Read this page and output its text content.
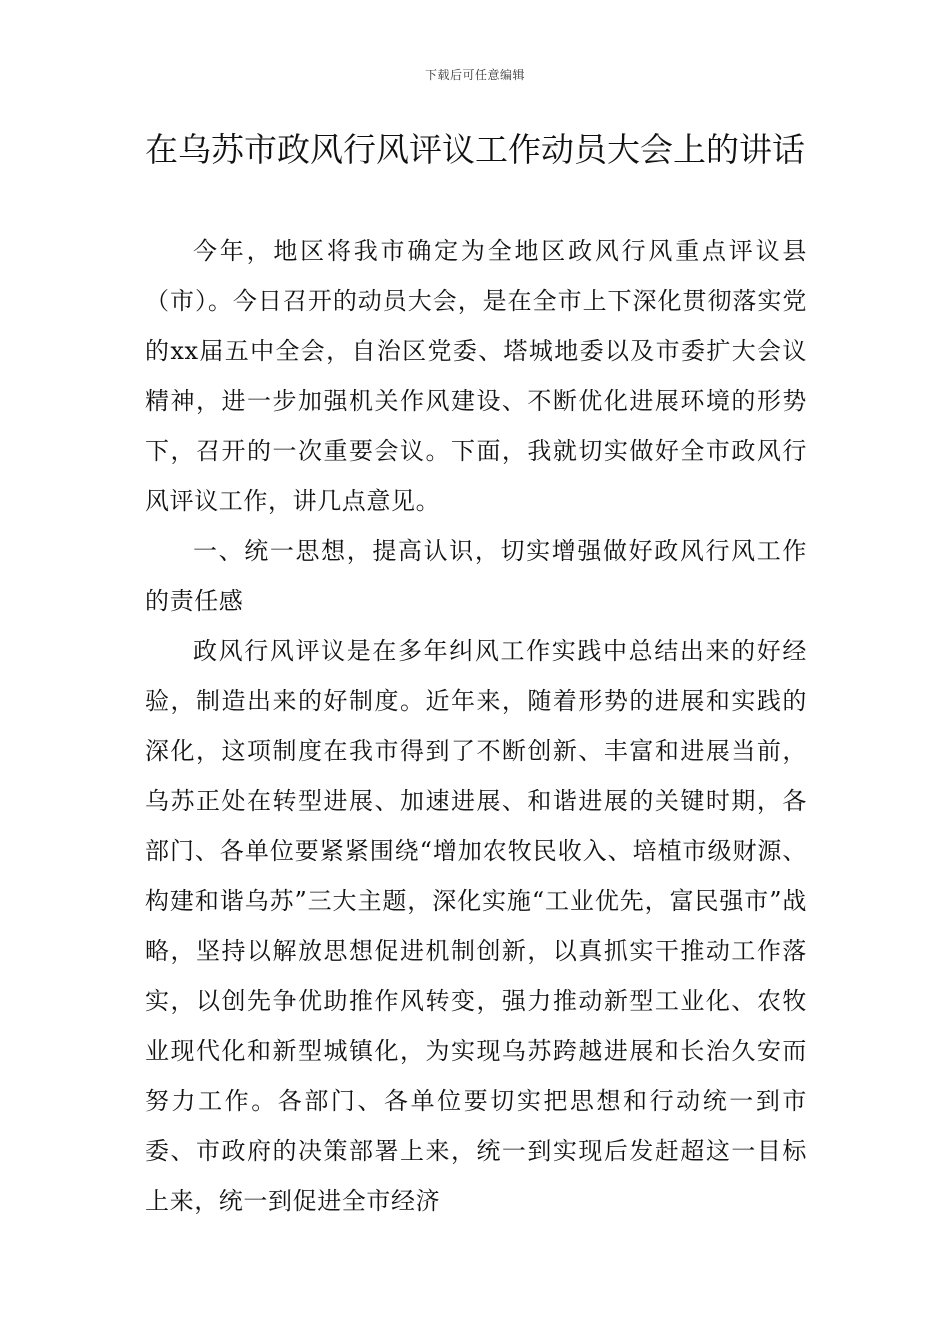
下载后可任意编辑
在乌苏市政风行风评议工作动员大会上的讲话

今年，地区将我市确定为全地区政风行风重点评议县（市）。今日召开的动员大会，是在全市上下深化贯彻落实党的xx届五中全会，自治区党委、塔城地委以及市委扩大会议精神，进一步加强机关作风建设、不断优化进展环境的形势下，召开的一次重要会议。下面，我就切实做好全市政风行风评议工作，讲几点意见。

一、统一思想，提高认识，切实增强做好政风行风工作的责任感

政风行风评议是在多年纠风工作实践中总结出来的好经验，制造出来的好制度。近年来，随着形势的进展和实践的深化，这项制度在我市得到了不断创新、丰富和进展当前，乌苏正处在转型进展、加速进展、和谐进展的关键时期，各部门、各单位要紧紧围绕“增加农牧民收入、培植市级财源、构建和谐乌苏”三大主题，深化实施“工业优先，富民强市”战略，坚持以解放思想促进机制创新，以真抓实干推动工作落实，以创先争优助推作风转变，强力推动新型工业化、农牧业现代化和新型城镇化，为实现乌苏跨越进展和长治久安而努力工作。各部门、各单位要切实把思想和行动统一到市委、市政府的决策部署上来，统一到实现后发赶超这一目标上来，统一到促进全市经济
